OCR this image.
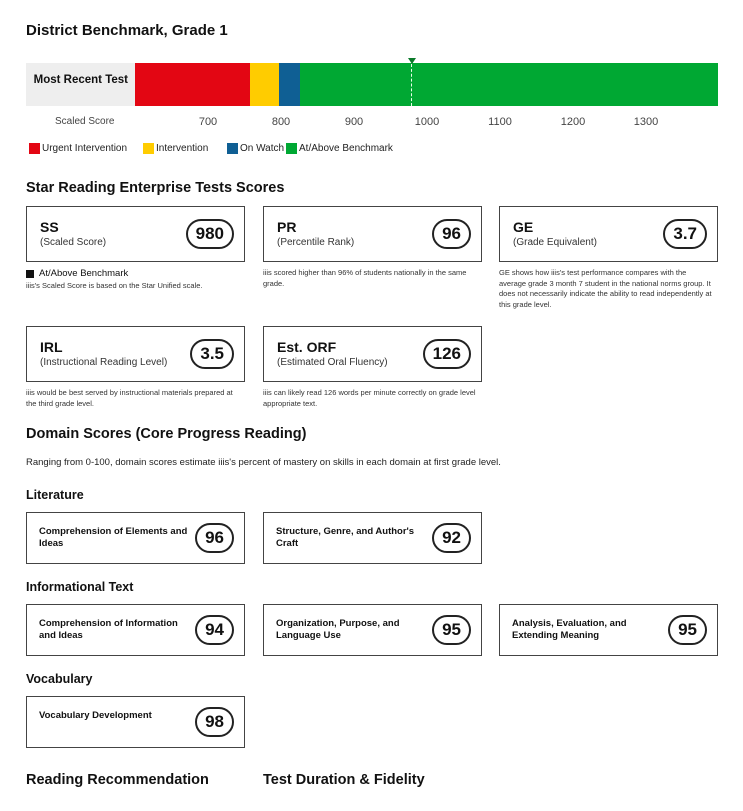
District Benchmark, Grade 1
Most Recent Test
Scaled Score	700	800	900	1000	1100	1200	1300
Urgent Intervention	Intervention	On Watch At/Above Benchmark
Star Reading Enterprise Tests Scores
SS
(Scaled Score)	980
At/Above Benchmark
iiis's Scaled Score is based on the Star Unified scale.
PR
(Percentile Rank)	96
iiis scored higher than 96% of students nationally in the same grade.
GE
(Grade Equivalent)	3.7
GE shows how iiis's test performance compares with the average grade 3 month 7 student in the national norms group. It does not necessarily indicate the ability to read independently at this grade level.
IRL
(Instructional Reading Level)	3.5
iiis would be best served by instructional materials prepared at the third grade level.
Est. ORF
(Estimated Oral Fluency)	126
iiis can likely read 126 words per minute correctly on grade level appropriate text.
Domain Scores (Core Progress Reading)
Ranging from 0-100, domain scores estimate iiis's percent of mastery on skills in each domain at first grade level.
Literature
Comprehension of Elements and Ideas	96	Structure, Genre, and Author's Craft	92
Informational Text
Comprehension of Information and Ideas	94	Organization, Purpose, and Language Use	95	Analysis, Evaluation, and Extending Meaning	95
Vocabulary
Vocabulary Development	98
Reading Recommendation	Test Duration & Fidelity
